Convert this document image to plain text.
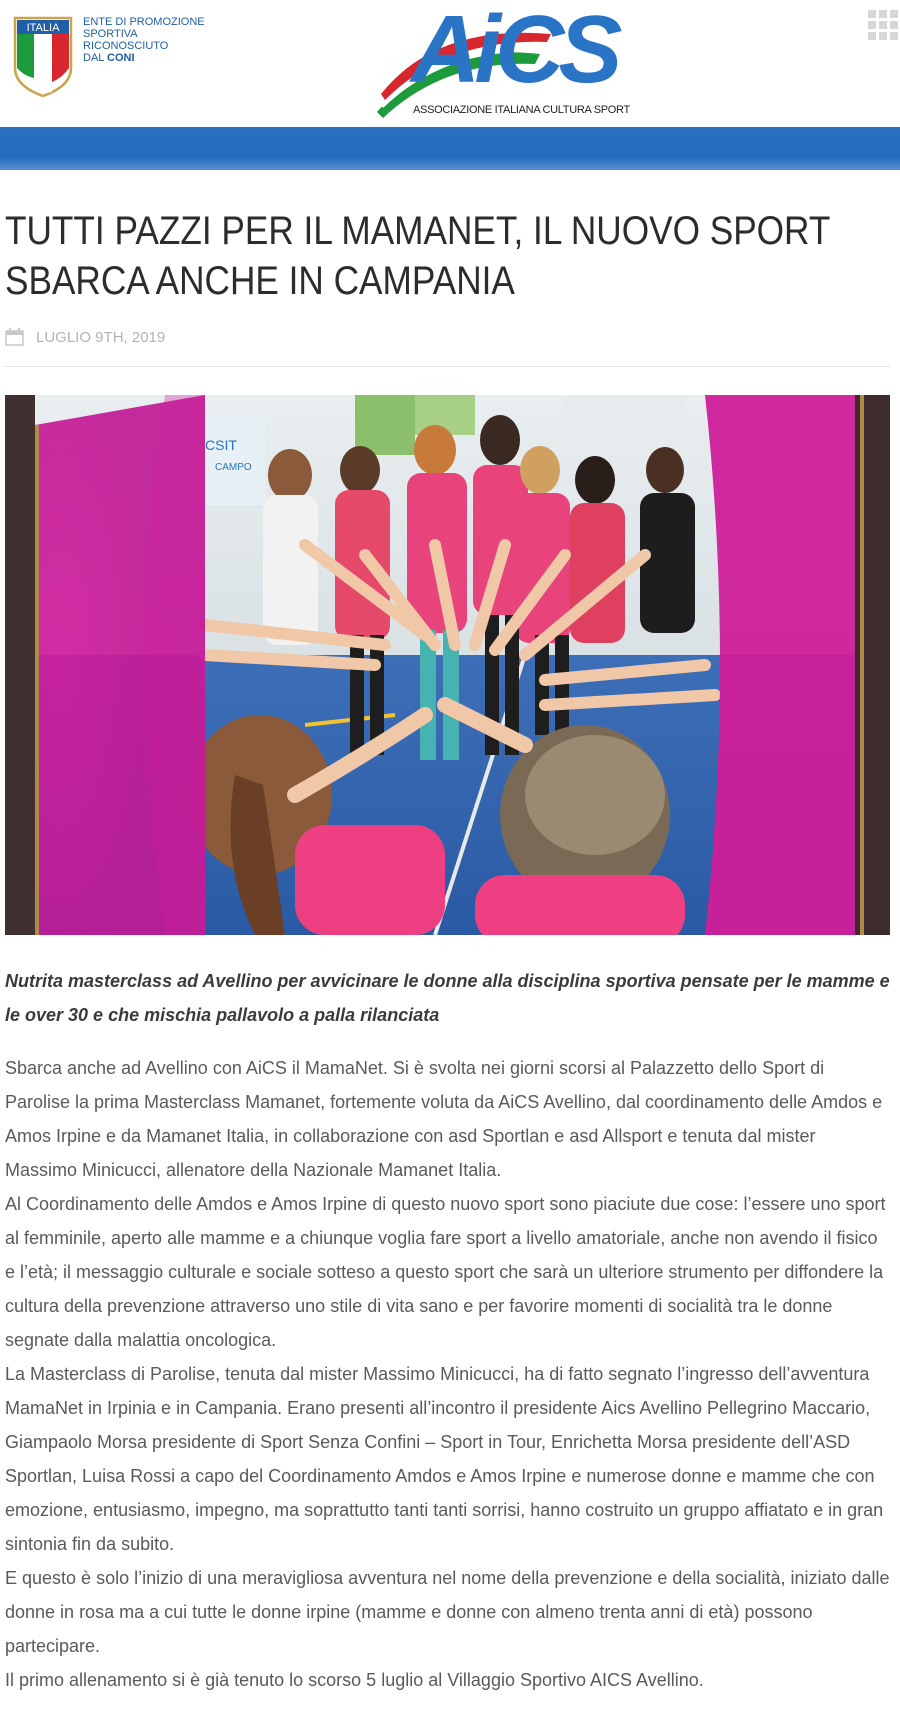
ITALIA ENTE DI PROMOZIONE
SPORTIVA
RICONOSCIUTO
DAL CONI	AiCS
ASSOCIAZIONE ITALIANA CULTURA SPORT
TUTTI PAZZI PER IL MAMANET, IL NUOVO SPORT SBARCA ANCHE IN CAMPANIA
LUGLIO 9TH, 2019
CSIT
CAMPO

Nutrita masterclass ad Avellino per avvicinare le donne alla disciplina sportiva pensate per le mamme e le over 30 e che mischia pallavolo a palla rilanciata

Sbarca anche ad Avellino con AiCS il MamaNet. Si è svolta nei giorni scorsi al Palazzetto dello Sport di Parolise la prima Masterclass Mamanet, fortemente voluta da AiCS Avellino, dal coordinamento delle Amdos e Amos Irpine e da Mamanet Italia, in collaborazione con asd Sportlan e asd Allsport e tenuta dal mister Massimo Minicucci, allenatore della Nazionale Mamanet Italia.

Al Coordinamento delle Amdos e Amos Irpine di questo nuovo sport sono piaciute due cose: l’essere uno sport al femminile, aperto alle mamme e a chiunque voglia fare sport a livello amatoriale, anche non avendo il fisico e l’età; il messaggio culturale e sociale sotteso a questo sport che sarà un ulteriore strumento per diffondere la cultura della prevenzione attraverso uno stile di vita sano e per favorire momenti di socialità tra le donne segnate dalla malattia oncologica.

La Masterclass di Parolise, tenuta dal mister Massimo Minicucci, ha di fatto segnato l’ingresso dell’avventura MamaNet in Irpinia e in Campania. Erano presenti all’incontro il presidente Aics Avellino Pellegrino Maccario, Giampaolo Morsa presidente di Sport Senza Confini – Sport in Tour, Enrichetta Morsa presidente dell’ASD Sportlan, Luisa Rossi a capo del Coordinamento Amdos e Amos Irpine e numerose donne e mamme che con emozione, entusiasmo, impegno, ma soprattutto tanti tanti sorrisi, hanno costruito un gruppo affiatato e in gran sintonia fin da subito.

E questo è solo l’inizio di una meravigliosa avventura nel nome della prevenzione e della socialità, iniziato dalle donne in rosa ma a cui tutte le donne irpine (mamme e donne con almeno trenta anni di età) possono partecipare.

Il primo allenamento si è già tenuto lo scorso 5 luglio al Villaggio Sportivo AICS Avellino.
